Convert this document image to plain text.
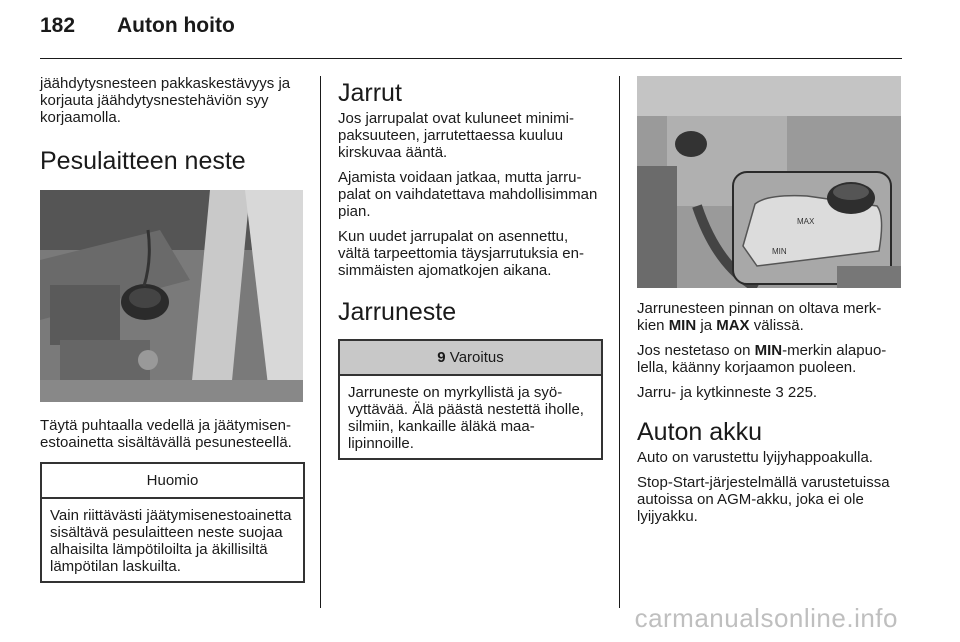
182 Auton hoito

jäähdytysnesteen pakkaskestävyys ja korjauta jäähdytysnestehäviön syy korjaamolla.

Pesulaitteen neste

Täytä puhtaalla vedellä ja jäätymisenestoainetta sisältävällä pesunesteellä.

Huomio
Vain riittävästi jäätymisenestoainetta sisältävä pesulaitteen neste suojaa alhaisilta lämpötiloilta ja äkillisiltä lämpötilan laskuilta.
Jarrut

Jos jarrupalat ovat kuluneet minimipaksuuteen, jarrutettaessa kuuluu kirskuvaa ääntä.

Ajamista voidaan jatkaa, mutta jarrupalat on vaihdatettava mahdollisimman pian.

Kun uudet jarrupalat on asennettu, vältä tarpeettomia täysjarrutuksia ensimmäisten ajomatkojen aikana.

Jarruneste
9 Varoitus
Jarruneste on myrkyllistä ja syövyttävää. Älä päästä nestettä iholle, silmiin, kankaille äläkä maalipinnoille.
MAX
MIN

Jarrunesteen pinnan on oltava merkkien MIN ja MAX välissä.

Jos nestetaso on MIN-merkin alapuolella, käänny korjaamon puoleen.

Jarru- ja kytkinneste 3 225.

Auton akku

Auto on varustettu lyijyhappoakulla.

Stop-Start-järjestelmällä varustetuissa autoissa on AGM-akku, joka ei ole lyijyakku.

carmanualsonline.info
